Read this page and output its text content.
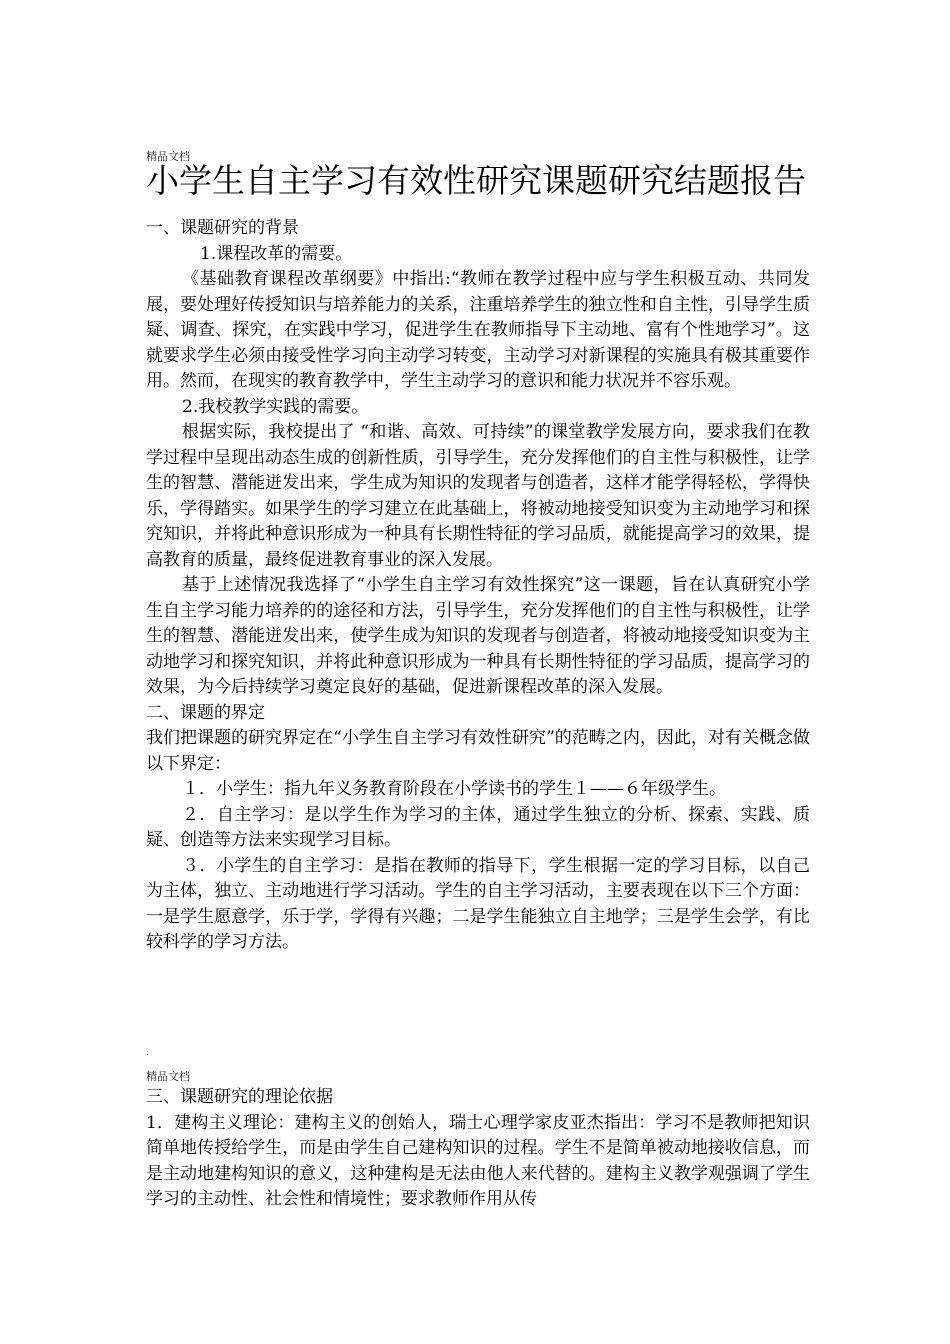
精品文档
小学生自主学习有效性研究课题研究结题报告

一、课题研究的背景

1.课程改革的需要。

《基础教育课程改革纲要》中指出:“教师在教学过程中应与学生积极互动、共同发展，要处理好传授知识与培养能力的关系，注重培养学生的独立性和自主性，引导学生质疑、调查、探究，在实践中学习，促进学生在教师指导下主动地、富有个性地学习”。这就要求学生必须由接受性学习向主动学习转变，主动学习对新课程的实施具有极其重要作用。然而，在现实的教育教学中，学生主动学习的意识和能力状况并不容乐观。

2.我校教学实践的需要。

根据实际，我校提出了 “和谐、高效、可持续”的课堂教学发展方向，要求我们在教学过程中呈现出动态生成的创新性质，引导学生，充分发挥他们的自主性与积极性，让学生的智慧、潜能迸发出来，学生成为知识的发现者与创造者，这样才能学得轻松，学得快乐，学得踏实。如果学生的学习建立在此基础上，将被动地接受知识变为主动地学习和探究知识，并将此种意识形成为一种具有长期性特征的学习品质，就能提高学习的效果，提高教育的质量，最终促进教育事业的深入发展。

基于上述情况我选择了“小学生自主学习有效性探究”这一课题，旨在认真研究小学生自主学习能力培养的的途径和方法，引导学生，充分发挥他们的自主性与积极性，让学生的智慧、潜能迸发出来，使学生成为知识的发现者与创造者，将被动地接受知识变为主动地学习和探究知识，并将此种意识形成为一种具有长期性特征的学习品质，提高学习的效果，为今后持续学习奠定良好的基础，促进新课程改革的深入发展。

二、课题的界定

我们把课题的研究界定在“小学生自主学习有效性研究”的范畴之内，因此，对有关概念做以下界定：

１．小学生：指九年义务教育阶段在小学读书的学生１——６年级学生。

２．自主学习：是以学生作为学习的主体，通过学生独立的分析、探索、实践、质疑、创造等方法来实现学习目标。

３．小学生的自主学习：是指在教师的指导下，学生根据一定的学习目标，以自己为主体，独立、主动地进行学习活动。学生的自主学习活动，主要表现在以下三个方面：一是学生愿意学，乐于学，学得有兴趣；二是学生能独立自主地学；三是学生会学，有比较科学的学习方法。

.
精品文档

三、课题研究的理论依据

1．建构主义理论：建构主义的创始人，瑞士心理学家皮亚杰指出：学习不是教师把知识简单地传授给学生，而是由学生自己建构知识的过程。学生不是简单被动地接收信息，而是主动地建构知识的意义，这种建构是无法由他人来代替的。建构主义教学观强调了学生学习的主动性、社会性和情境性；要求教师作用从传
